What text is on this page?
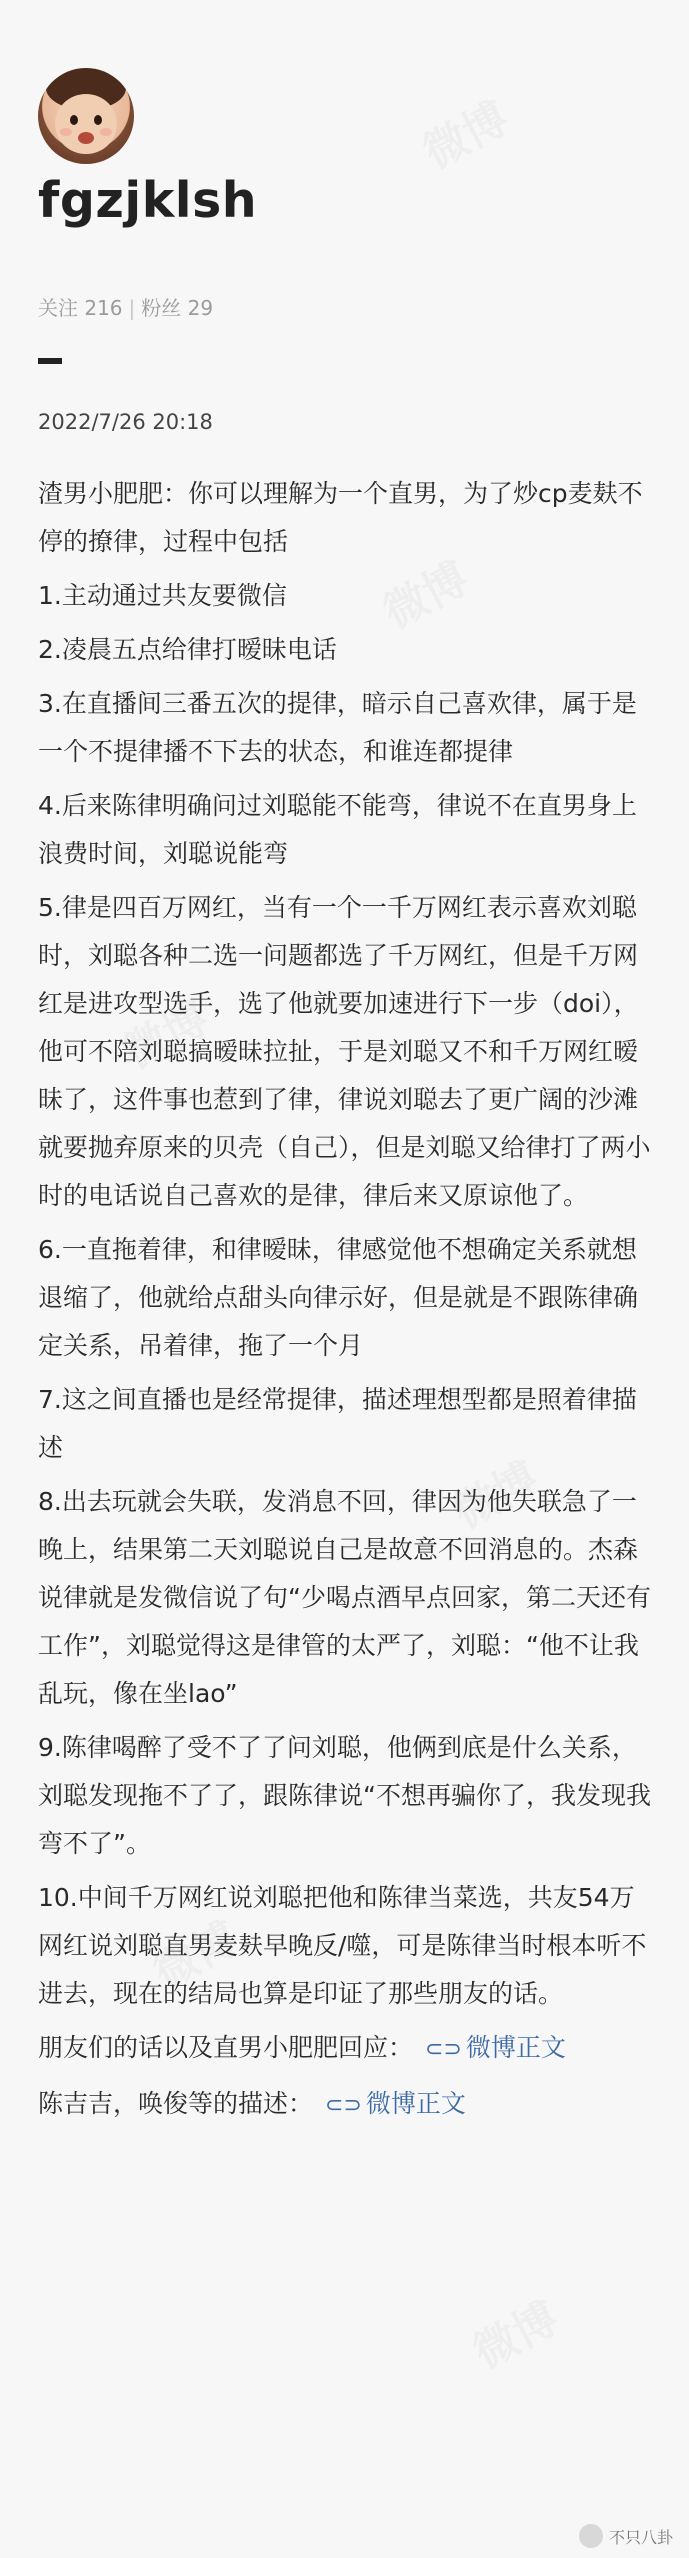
fgzjklsh
关注 216 | 粉丝 29
2022/7/26 20:18

渣男小肥肥：你可以理解为一个直男，为了炒cp麦麸不停的撩律，过程中包括

1.主动通过共友要微信

2.凌晨五点给律打暧昧电话

3.在直播间三番五次的提律，暗示自己喜欢律，属于是一个不提律播不下去的状态，和谁连都提律

4.后来陈律明确问过刘聪能不能弯，律说不在直男身上浪费时间，刘聪说能弯

5.律是四百万网红，当有一个一千万网红表示喜欢刘聪时，刘聪各种二选一问题都选了千万网红，但是千万网红是进攻型选手，选了他就要加速进行下一步（doi），他可不陪刘聪搞暧昧拉扯，于是刘聪又不和千万网红暧昧了，这件事也惹到了律，律说刘聪去了更广阔的沙滩就要抛弃原来的贝壳（自己），但是刘聪又给律打了两小时的电话说自己喜欢的是律，律后来又原谅他了。

6.一直拖着律，和律暧昧，律感觉他不想确定关系就想退缩了，他就给点甜头向律示好，但是就是不跟陈律确定关系，吊着律，拖了一个月

7.这之间直播也是经常提律，描述理想型都是照着律描述

8.出去玩就会失联，发消息不回，律因为他失联急了一晚上，结果第二天刘聪说自己是故意不回消息的。杰森说律就是发微信说了句“少喝点酒早点回家，第二天还有工作”，刘聪觉得这是律管的太严了，刘聪：“他不让我乱玩，像在坐lao”

9.陈律喝醉了受不了了问刘聪，他俩到底是什么关系，刘聪发现拖不了了，跟陈律说“不想再骗你了，我发现我弯不了”。

10.中间千万网红说刘聪把他和陈律当菜选，共友54万网红说刘聪直男麦麸早晚反/噬，可是陈律当时根本听不进去，现在的结局也算是印证了那些朋友的话。

朋友们的话以及直男小肥肥回应： ⊂⊃ 微博正文

陈吉吉，唤俊等的描述： ⊂⊃ 微博正文

不只八卦
